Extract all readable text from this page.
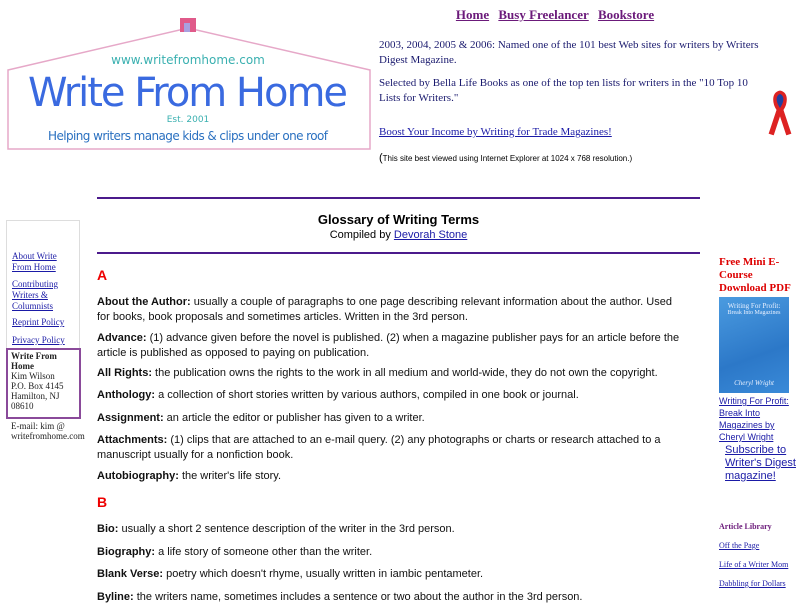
www.writefromhome.com
Write From Home
Est. 2001
Helping writers manage kids & clips under one roof
Home Busy Freelancer Bookstore
2003, 2004, 2005 & 2006: Named one of the 101 best Web sites for writers by Writers Digest Magazine.
Selected by Bella Life Books as one of the top ten lists for writers in the "10 Top 10 Lists for Writers."
Boost Your Income by Writing for Trade Magazines!
(This site best viewed using Internet Explorer at 1024 x 768 resolution.)
Glossary of Writing Terms
Compiled by Devorah Stone
A
About the Author: usually a couple of paragraphs to one page describing relevant information about the author. Used for books, book proposals and sometimes articles. Written in the 3rd person.
Advance: (1) advance given before the novel is published. (2) when a magazine publisher pays for an article before the article is published as opposed to paying on publication.
All Rights: the publication owns the rights to the work in all medium and world-wide, they do not own the copyright.
Anthology: a collection of short stories written by various authors, compiled in one book or journal.
Assignment: an article the editor or publisher has given to a writer.
Attachments: (1) clips that are attached to an e-mail query. (2) any photographs or charts or research attached to a manuscript usually for a nonfiction book.
Autobiography: the writer's life story.
B
Bio: usually a short 2 sentence description of the writer in the 3rd person.
Biography: a life story of someone other than the writer.
Blank Verse: poetry which doesn't rhyme, usually written in iambic pentameter.
Byline: the writers name, sometimes includes a sentence or two about the author in the 3rd person.
About Write From Home
Contributing Writers & Columnists
Reprint Policy
Privacy Policy
Write From Home
Kim Wilson
P.O. Box 4145
Hamilton, NJ 08610

E-mail: kim @ writefromhome.com
Free Mini E-Course Download PDF
Writing For Profit:
Break Into Magazines
Cheryl Wright
Writing For Profit: Break Into Magazines by Cheryl Wright
Subscribe to Writer's Digest magazine!
Article Library
Off the Page
Life of a Writer Mom
Dabbling for Dollars
